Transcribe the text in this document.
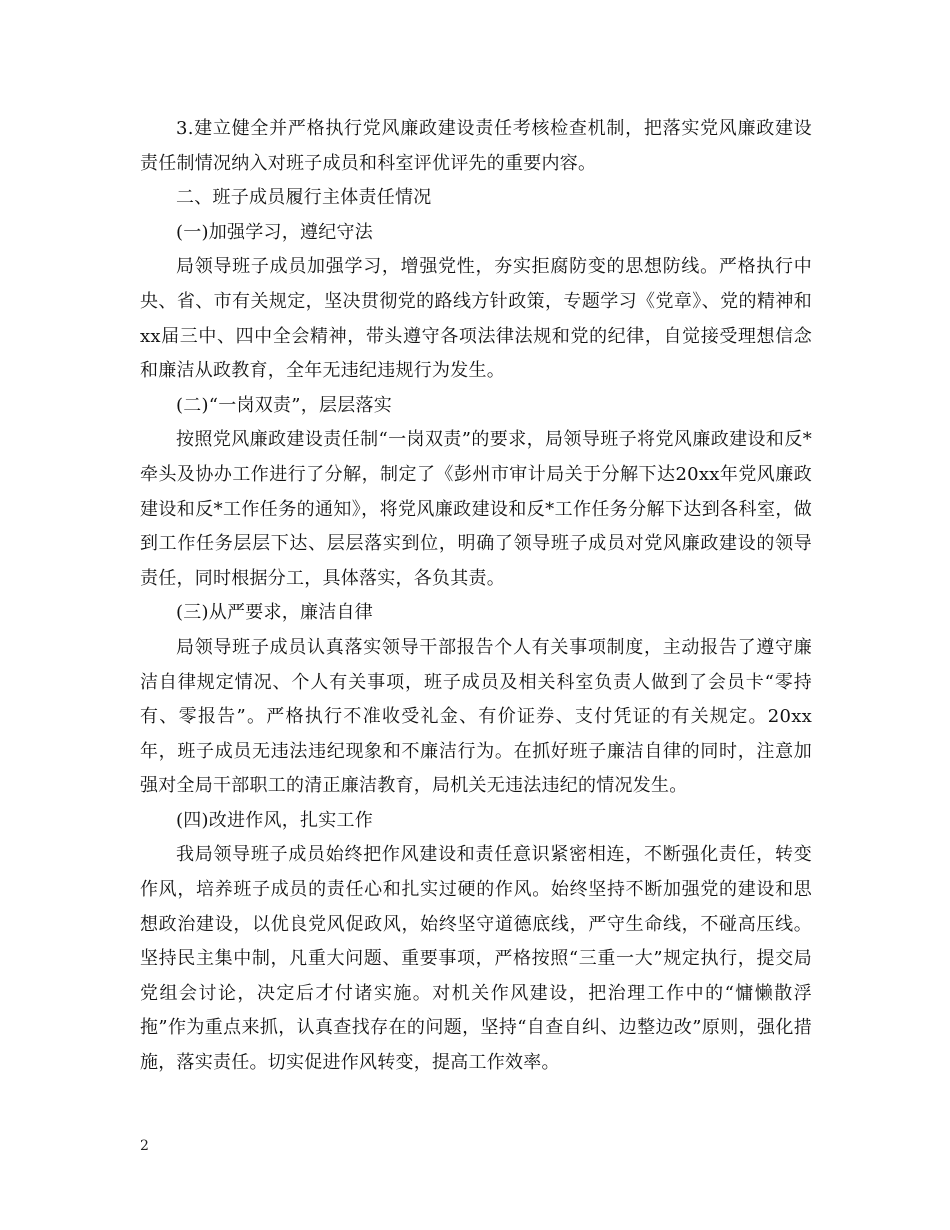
3.建立健全并严格执行党风廉政建设责任考核检查机制，把落实党风廉政建设责任制情况纳入对班子成员和科室评优评先的重要内容。

二、班子成员履行主体责任情况

(一)加强学习，遵纪守法

局领导班子成员加强学习，增强党性，夯实拒腐防变的思想防线。严格执行中央、省、市有关规定，坚决贯彻党的路线方针政策，专题学习《党章》、党的精神和xx届三中、四中全会精神，带头遵守各项法律法规和党的纪律，自觉接受理想信念和廉洁从政教育，全年无违纪违规行为发生。

(二)“一岗双责”，层层落实

按照党风廉政建设责任制“一岗双责”的要求，局领导班子将党风廉政建设和反*牵头及协办工作进行了分解，制定了《彭州市审计局关于分解下达20xx年党风廉政建设和反*工作任务的通知》，将党风廉政建设和反*工作任务分解下达到各科室，做到工作任务层层下达、层层落实到位，明确了领导班子成员对党风廉政建设的领导责任，同时根据分工，具体落实，各负其责。

(三)从严要求，廉洁自律

局领导班子成员认真落实领导干部报告个人有关事项制度，主动报告了遵守廉洁自律规定情况、个人有关事项，班子成员及相关科室负责人做到了会员卡“零持有、零报告”。严格执行不准收受礼金、有价证券、支付凭证的有关规定。20xx年，班子成员无违法违纪现象和不廉洁行为。在抓好班子廉洁自律的同时，注意加强对全局干部职工的清正廉洁教育，局机关无违法违纪的情况发生。

(四)改进作风，扎实工作

我局领导班子成员始终把作风建设和责任意识紧密相连，不断强化责任，转变作风，培养班子成员的责任心和扎实过硬的作风。始终坚持不断加强党的建设和思想政治建设，以优良党风促政风，始终坚守道德底线，严守生命线，不碰高压线。坚持民主集中制，凡重大问题、重要事项，严格按照“三重一大”规定执行，提交局党组会讨论，决定后才付诸实施。对机关作风建设，把治理工作中的“慵懒散浮拖”作为重点来抓，认真查找存在的问题，坚持“自查自纠、边整边改”原则，强化措施，落实责任。切实促进作风转变，提高工作效率。

2
